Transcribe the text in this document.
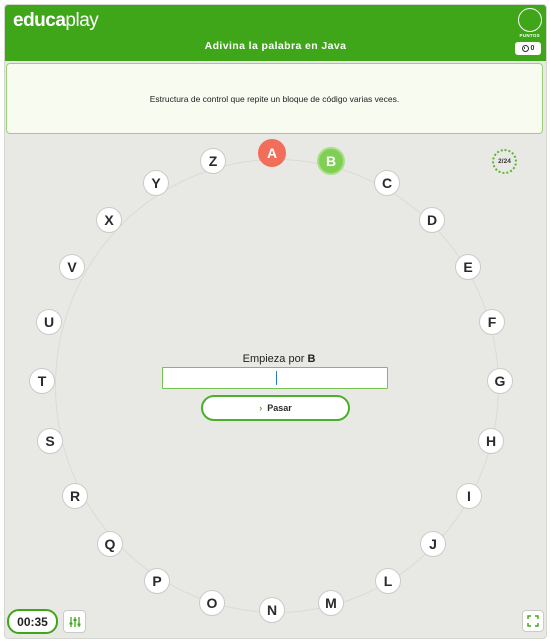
educaplay
Adivina la palabra en Java
PUNTOS
0
Estructura de control que repite un bloque de código varias veces.
A	B
C
D
E
F
G
H
I
J
L
M
N
O
P
Q
R
S
T
U
V
X
Y
Z	2/24
Empieza por B
› Pasar
00:35
